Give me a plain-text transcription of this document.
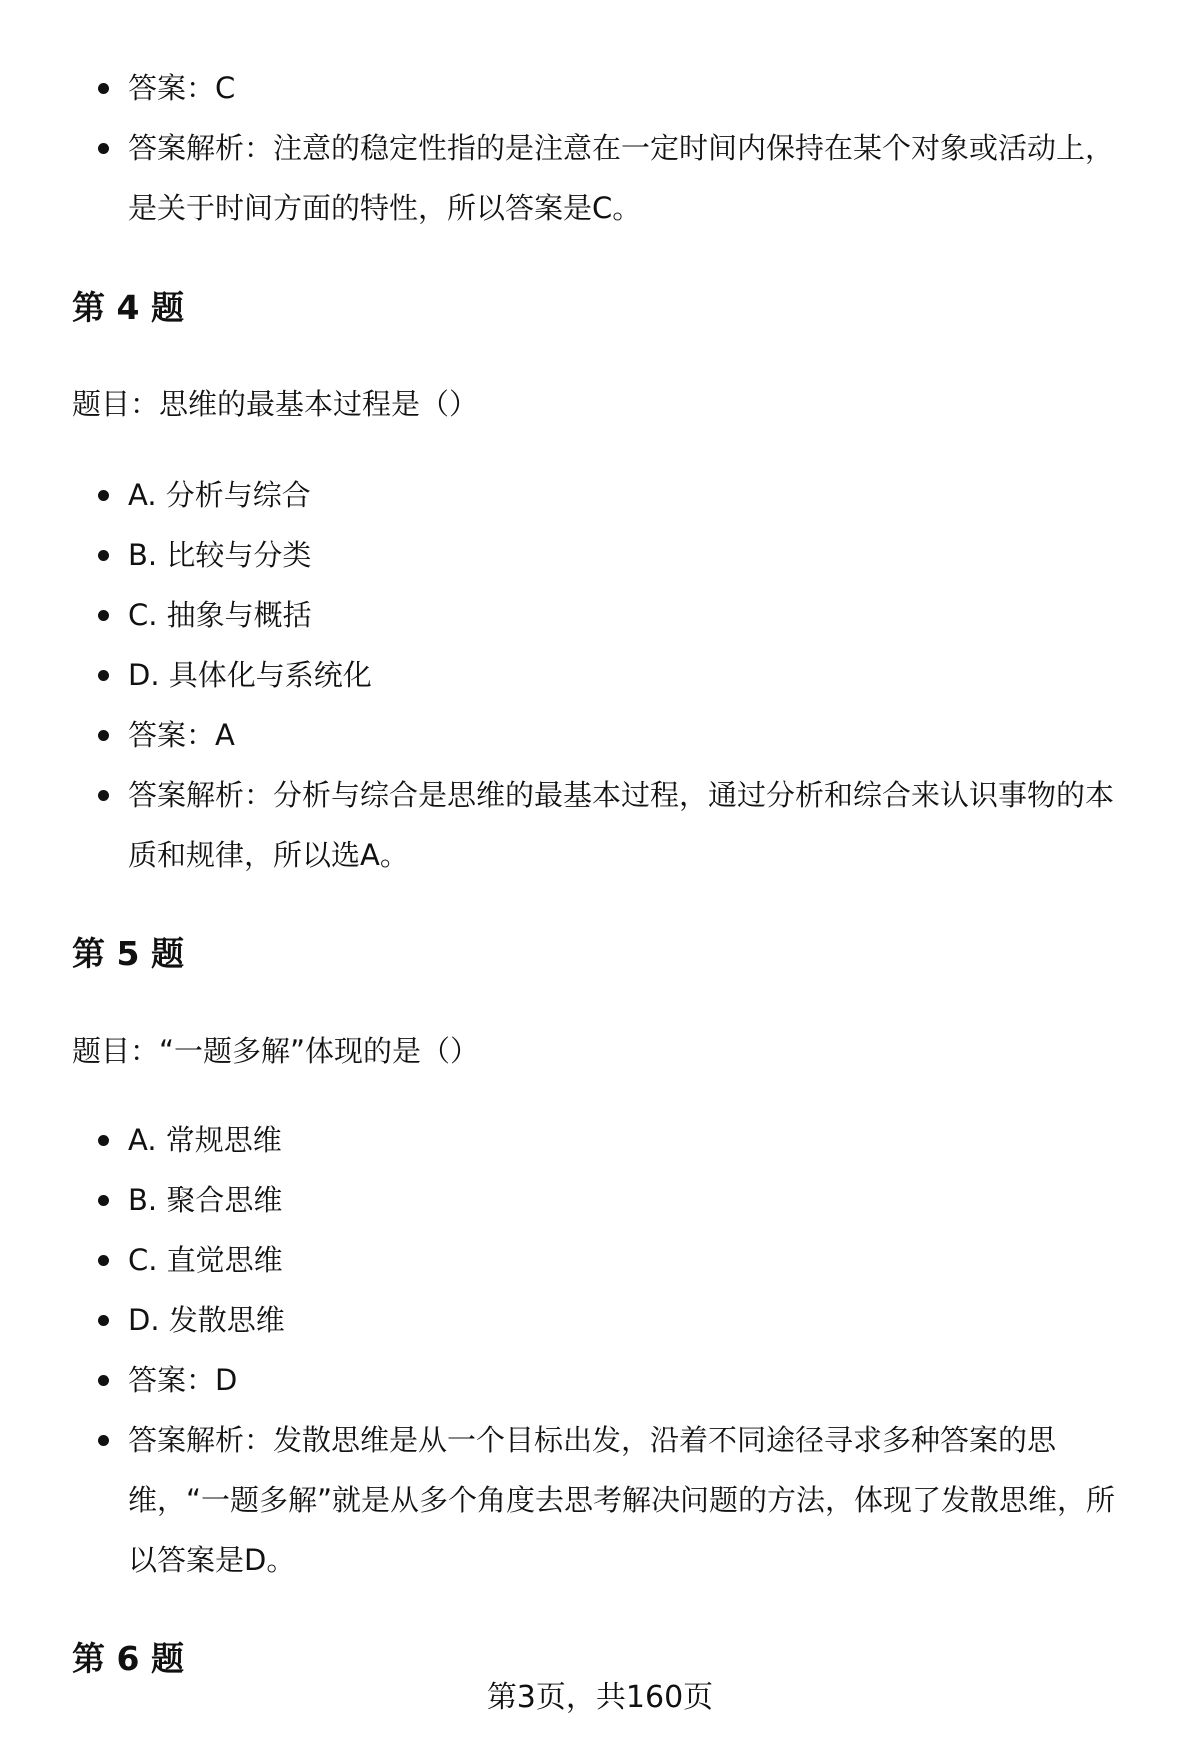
答案：C
答案解析：注意的稳定性指的是注意在一定时间内保持在某个对象或活动上，是关于时间方面的特性，所以答案是C。
第 4 题
题目：思维的最基本过程是（）
A. 分析与综合
B. 比较与分类
C. 抽象与概括
D. 具体化与系统化
答案：A
答案解析：分析与综合是思维的最基本过程，通过分析和综合来认识事物的本质和规律，所以选A。
第 5 题
题目：“一题多解”体现的是（）
A. 常规思维
B. 聚合思维
C. 直觉思维
D. 发散思维
答案：D
答案解析：发散思维是从一个目标出发，沿着不同途径寻求多种答案的思维，“一题多解”就是从多个角度去思考解决问题的方法，体现了发散思维，所以答案是D。
第 6 题
第3页，共160页
